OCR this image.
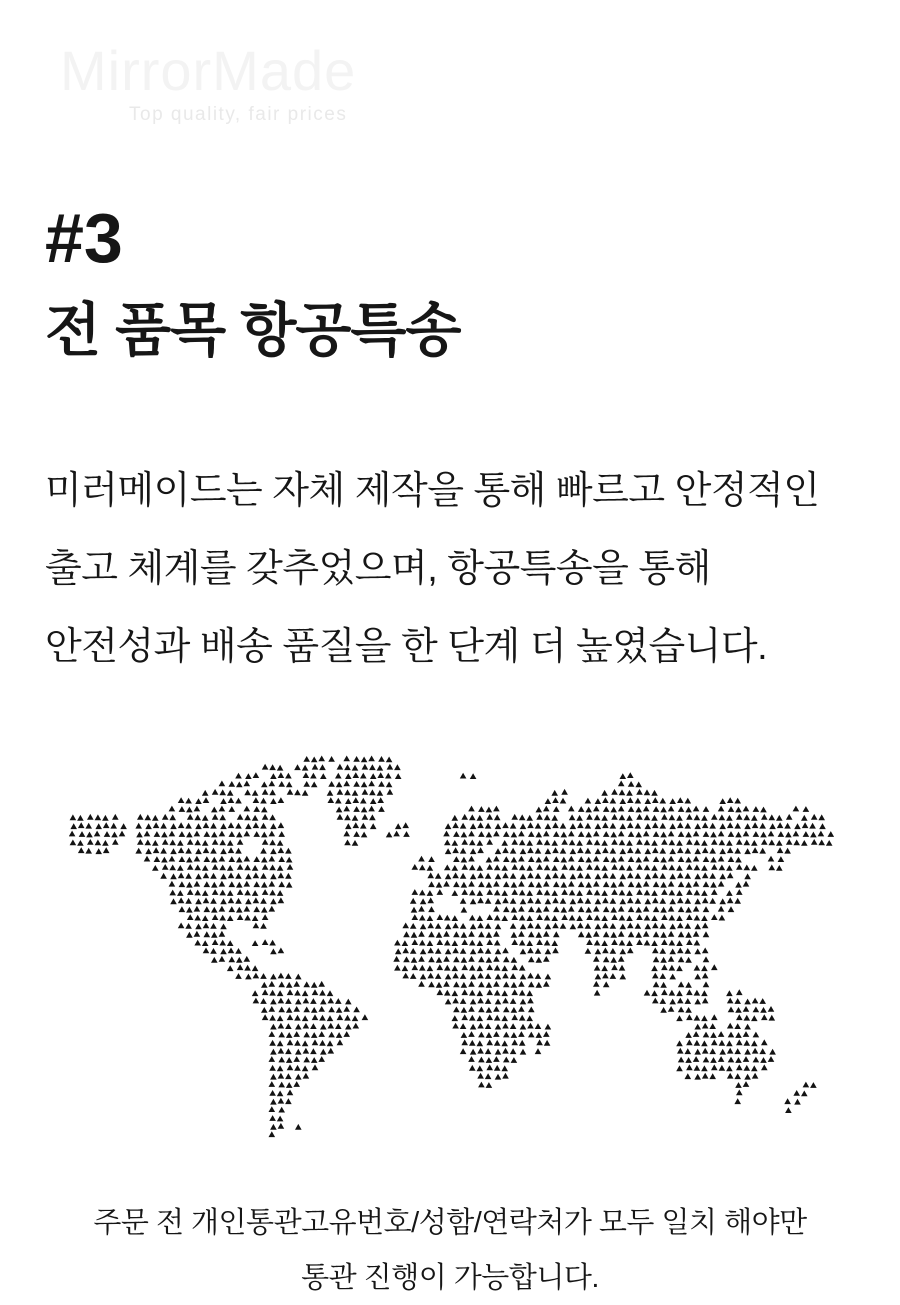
MirrorMade
Top quality, fair prices
#3
전 품목 항공특송
미러메이드는 자체 제작을 통해 빠르고 안정적인
출고 체계를 갖추었으며, 항공특송을 통해
안전성과 배송 품질을 한 단계 더 높였습니다.
주문 전 개인통관고유번호/성함/연락처가 모두 일치 해야만
통관 진행이 가능합니다.
